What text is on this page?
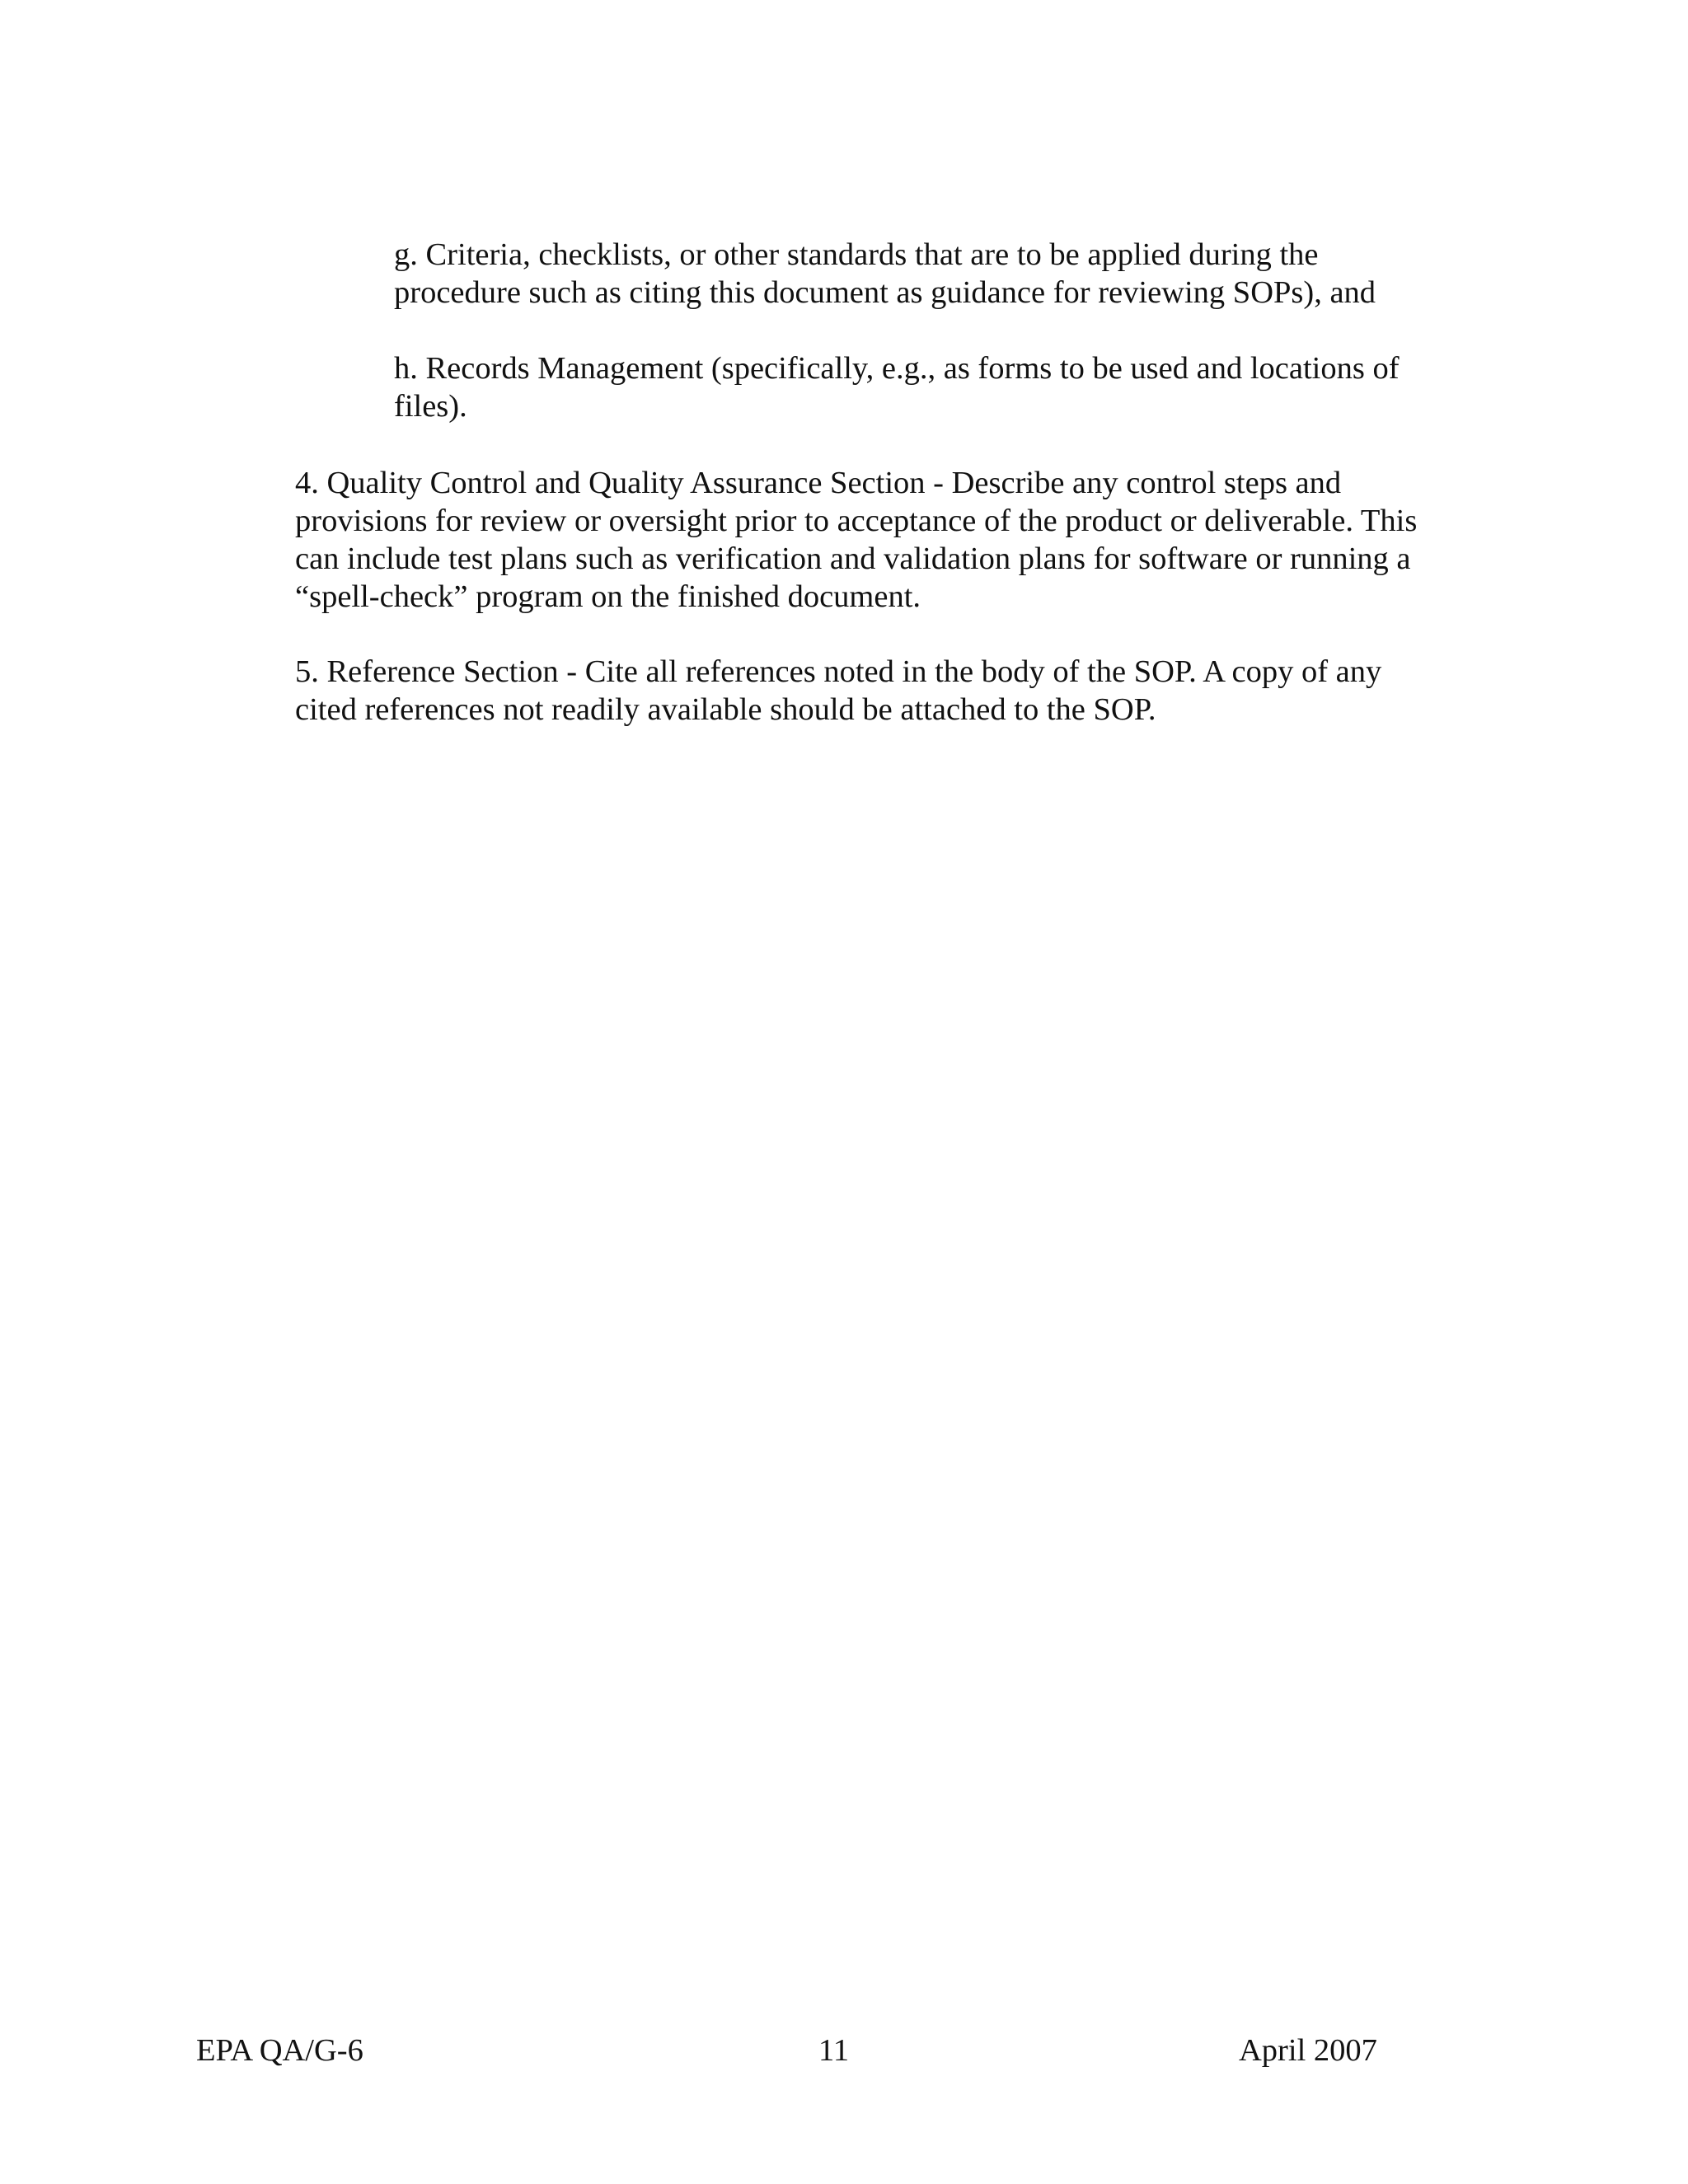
g. Criteria, checklists, or other standards that are to be applied during the
procedure such as citing this document as guidance for reviewing SOPs), and

h. Records Management (specifically, e.g., as forms to be used and locations of
files).

4. Quality Control and Quality Assurance Section - Describe any control steps and
provisions for review or oversight prior to acceptance of the product or deliverable. This
can include test plans such as verification and validation plans for software or running a
“spell-check” program on the finished document.

5. Reference Section - Cite all references noted in the body of the SOP. A copy of any
cited references not readily available should be attached to the SOP.

EPA QA/G-6	11	April 2007
